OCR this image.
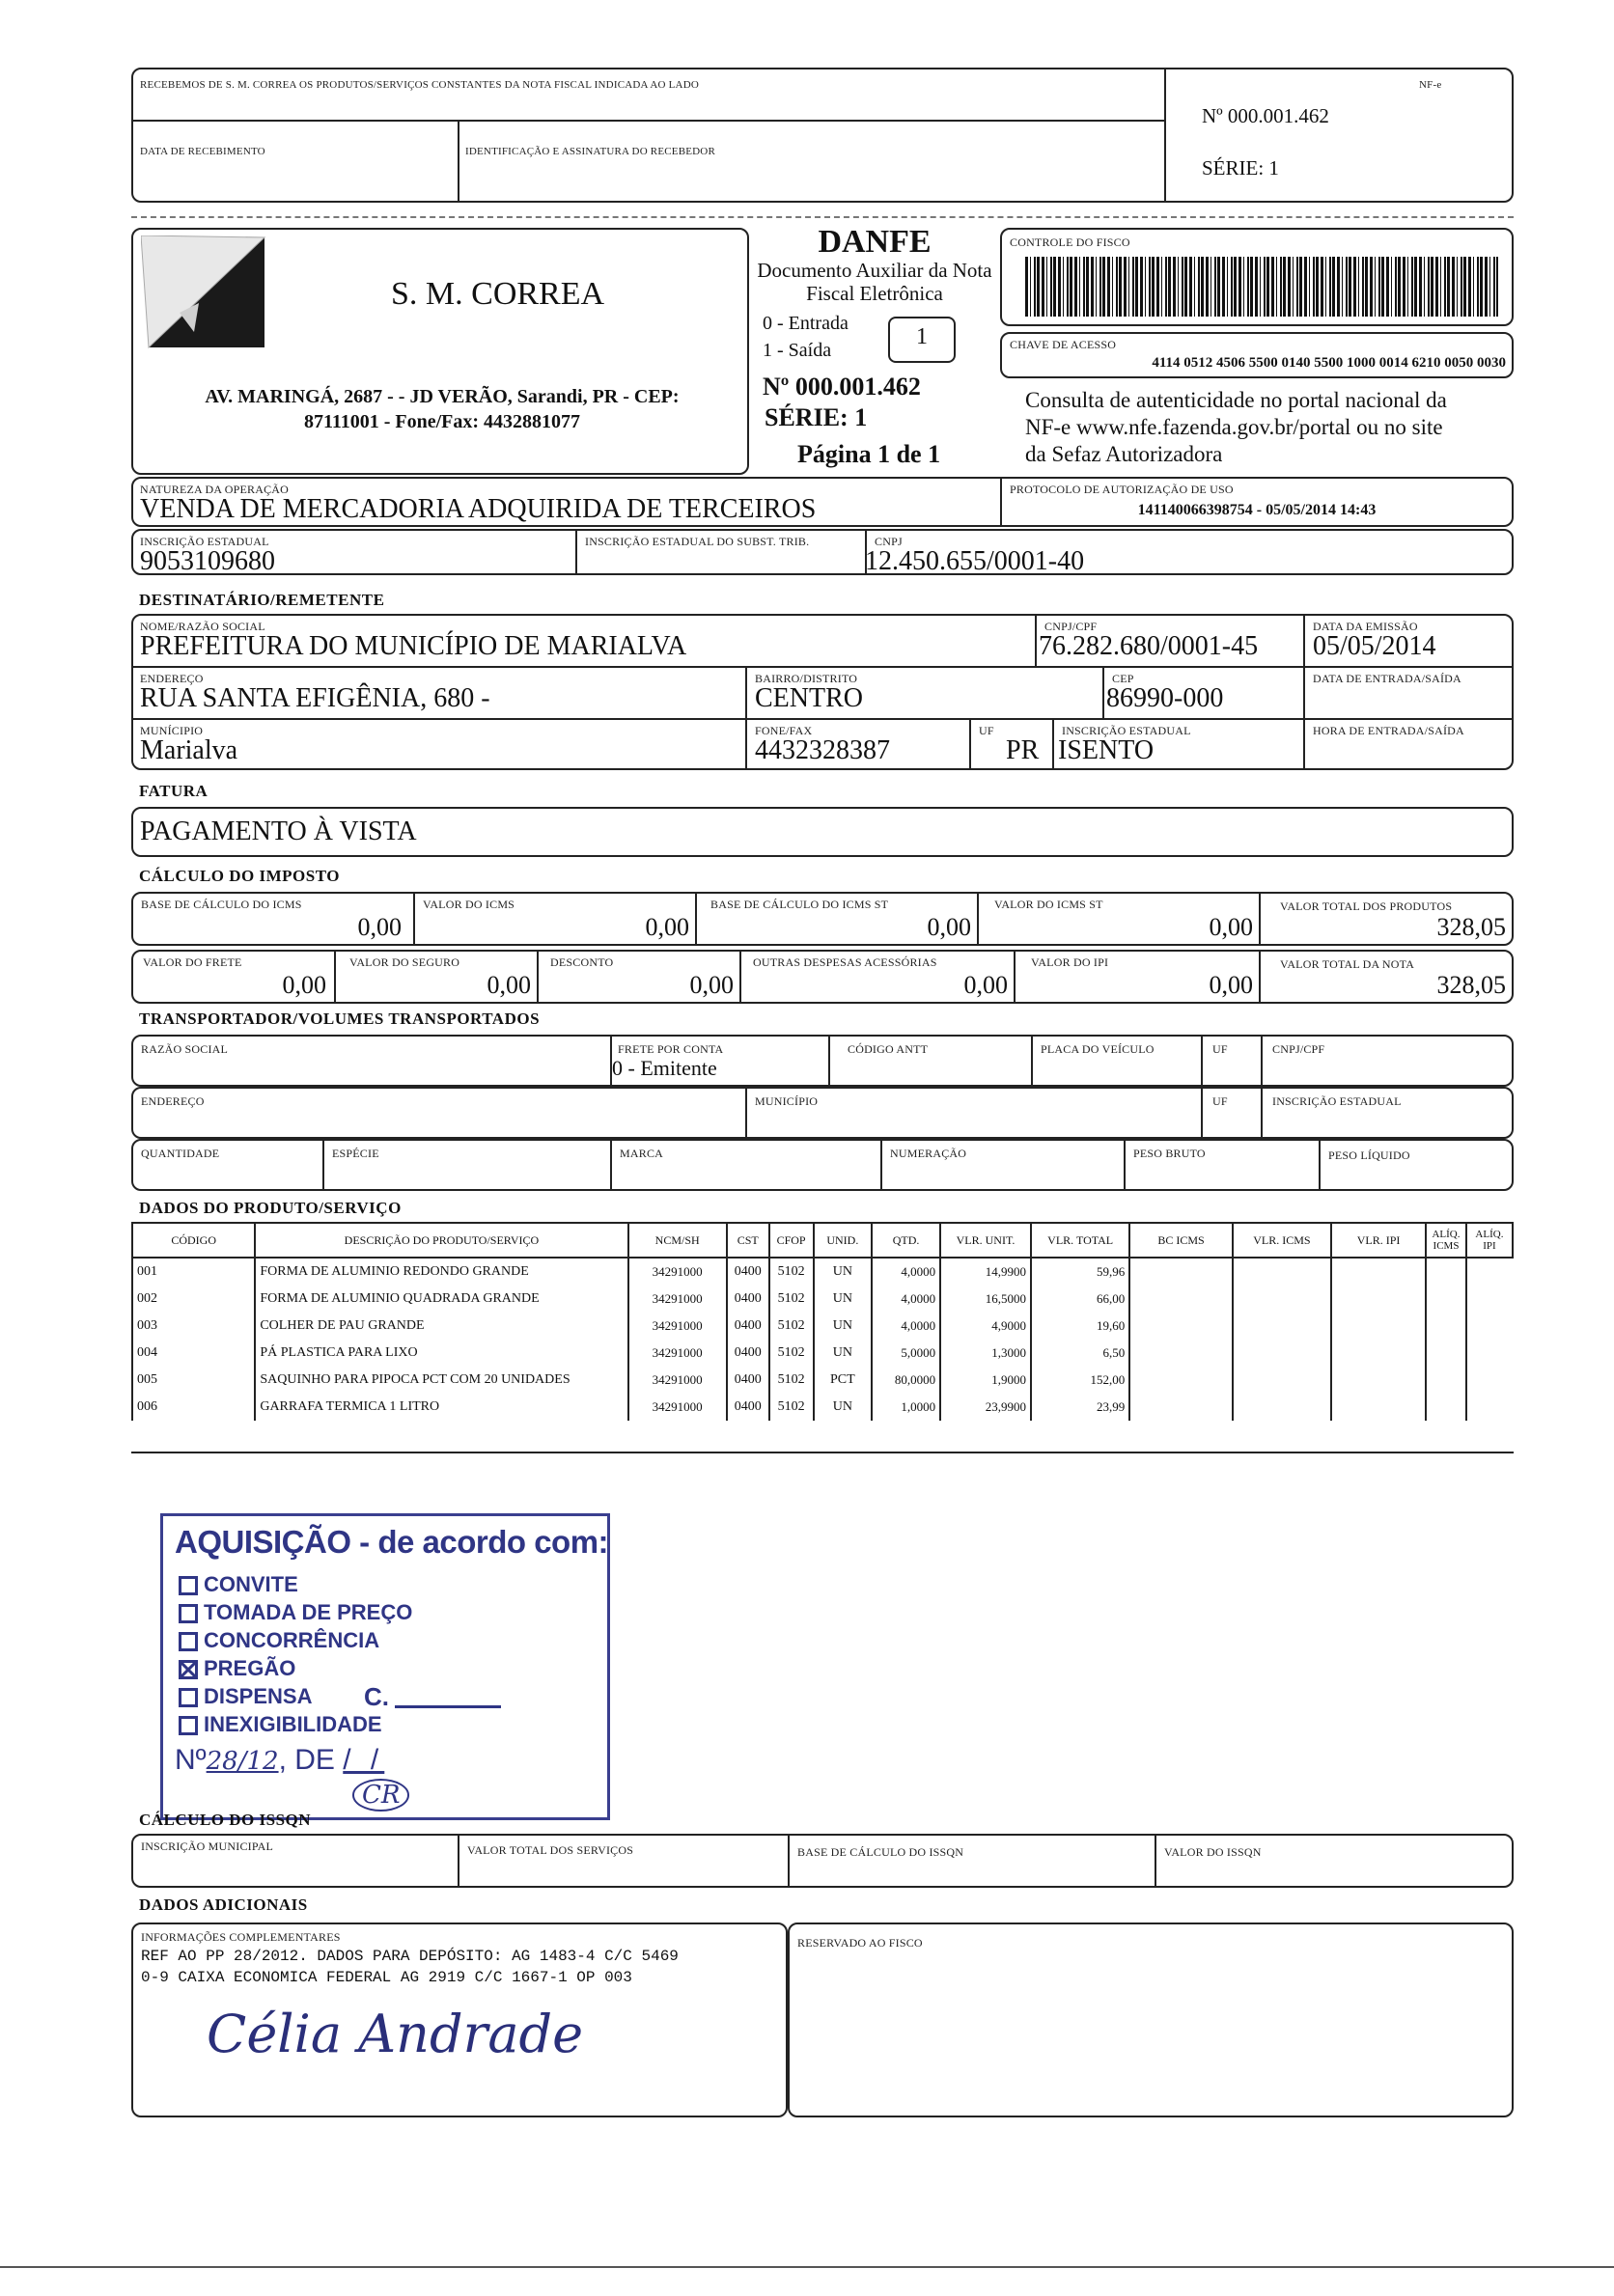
RECEBEMOS DE S. M. CORREA OS PRODUTOS/SERVIÇOS CONSTANTES DA NOTA FISCAL INDICADA AO LADO
DATA DE RECEBIMENTO	IDENTIFICAÇÃO E ASSINATURA DO RECEBEDOR
NF-e
Nº 000.001.462
SÉRIE: 1
S. M. CORREA
AV. MARINGÁ, 2687 - - JD VERÃO, Sarandi, PR - CEP:
87111001 - Fone/Fax: 4432881077
DANFE
Documento Auxiliar da Nota
Fiscal Eletrônica
0 - Entrada
1 - Saída
1
Nº 000.001.462
SÉRIE: 1
Página 1 de 1
CONTROLE DO FISCO
CHAVE DE ACESSO
4114 0512 4506 5500 0140 5500 1000 0014 6210 0050 0030
Consulta de autenticidade no portal nacional da
NF-e www.nfe.fazenda.gov.br/portal ou no site
da Sefaz Autorizadora
NATUREZA DA OPERAÇÃO
VENDA DE MERCADORIA ADQUIRIDA DE TERCEIROS
PROTOCOLO DE AUTORIZAÇÃO DE USO
141140066398754 - 05/05/2014 14:43
INSCRIÇÃO ESTADUAL
9053109680
INSCRIÇÃO ESTADUAL DO SUBST. TRIB.	CNPJ
12.450.655/0001-40
DESTINATÁRIO/REMETENTE
NOME/RAZÃO SOCIAL
PREFEITURA DO MUNICÍPIO DE MARIALVA
CNPJ/CPF
76.282.680/0001-45
DATA DA EMISSÃO
05/05/2014
ENDEREÇO
RUA SANTA EFIGÊNIA, 680 -
BAIRRO/DISTRITO
CENTRO
CEP
86990-000
DATA DE ENTRADA/SAÍDA
MUNÍCIPIO
Marialva
FONE/FAX
4432328387
UF
PR
INSCRIÇÃO ESTADUAL
ISENTO
HORA DE ENTRADA/SAÍDA
FATURA
PAGAMENTO À VISTA
CÁLCULO DO IMPOSTO
BASE DE CÁLCULO DO ICMS
0,00
VALOR DO ICMS
0,00
BASE DE CÁLCULO DO ICMS ST
0,00
VALOR DO ICMS ST
0,00
VALOR TOTAL DOS PRODUTOS
328,05
VALOR DO FRETE
0,00
VALOR DO SEGURO
0,00
DESCONTO
0,00
OUTRAS DESPESAS ACESSÓRIAS
0,00
VALOR DO IPI
0,00
VALOR TOTAL DA NOTA
328,05
TRANSPORTADOR/VOLUMES TRANSPORTADOS
RAZÃO SOCIAL	FRETE POR CONTA
0 - Emitente
CÓDIGO ANTT	PLACA DO VEÍCULO	UF	CNPJ/CPF
ENDEREÇO	MUNICÍPIO	UF	INSCRIÇÃO ESTADUAL
QUANTIDADE	ESPÉCIE	MARCA	NUMERAÇÃO	PESO BRUTO	PESO LÍQUIDO
DADOS DO PRODUTO/SERVIÇO
CÓDIGO	DESCRIÇÃO DO PRODUTO/SERVIÇO	NCM/SH	CST	CFOP	UNID.	QTD.	VLR. UNIT.	VLR. TOTAL	BC ICMS	VLR. ICMS	VLR. IPI	ALÍQ. ICMS	ALÍQ. IPI
001	FORMA DE ALUMINIO REDONDO GRANDE	34291000	0400	5102	UN	4,0000	14,9900	59,96					
002	FORMA DE ALUMINIO QUADRADA GRANDE	34291000	0400	5102	UN	4,0000	16,5000	66,00					
003	COLHER DE PAU GRANDE	34291000	0400	5102	UN	4,0000	4,9000	19,60					
004	PÁ PLASTICA PARA LIXO	34291000	0400	5102	UN	5,0000	1,3000	6,50					
005	SAQUINHO PARA PIPOCA PCT COM 20 UNIDADES	34291000	0400	5102	PCT	80,0000	1,9000	152,00					
006	GARRAFA TERMICA 1 LITRO	34291000	0400	5102	UN	1,0000	23,9900	23,99					
AQUISIÇÃO - de acordo com:
CONVITE
TOMADA DE PREÇO
CONCORRÊNCIA
PREGÃO
DISPENSA
INEXIGIBILIDADE
C.
Nº28/12, DE / /
CR
CÁLCULO DO ISSQN
INSCRIÇÃO MUNICIPAL	VALOR TOTAL DOS SERVIÇOS	BASE DE CÁLCULO DO ISSQN	VALOR DO ISSQN
DADOS ADICIONAIS
INFORMAÇÕES COMPLEMENTARES
REF AO PP 28/2012. DADOS PARA DEPÓSITO: AG 1483-4 C/C 5469
0-9 CAIXA ECONOMICA FEDERAL AG 2919 C/C 1667-1 OP 003
RESERVADO AO FISCO
Célia Andrade
